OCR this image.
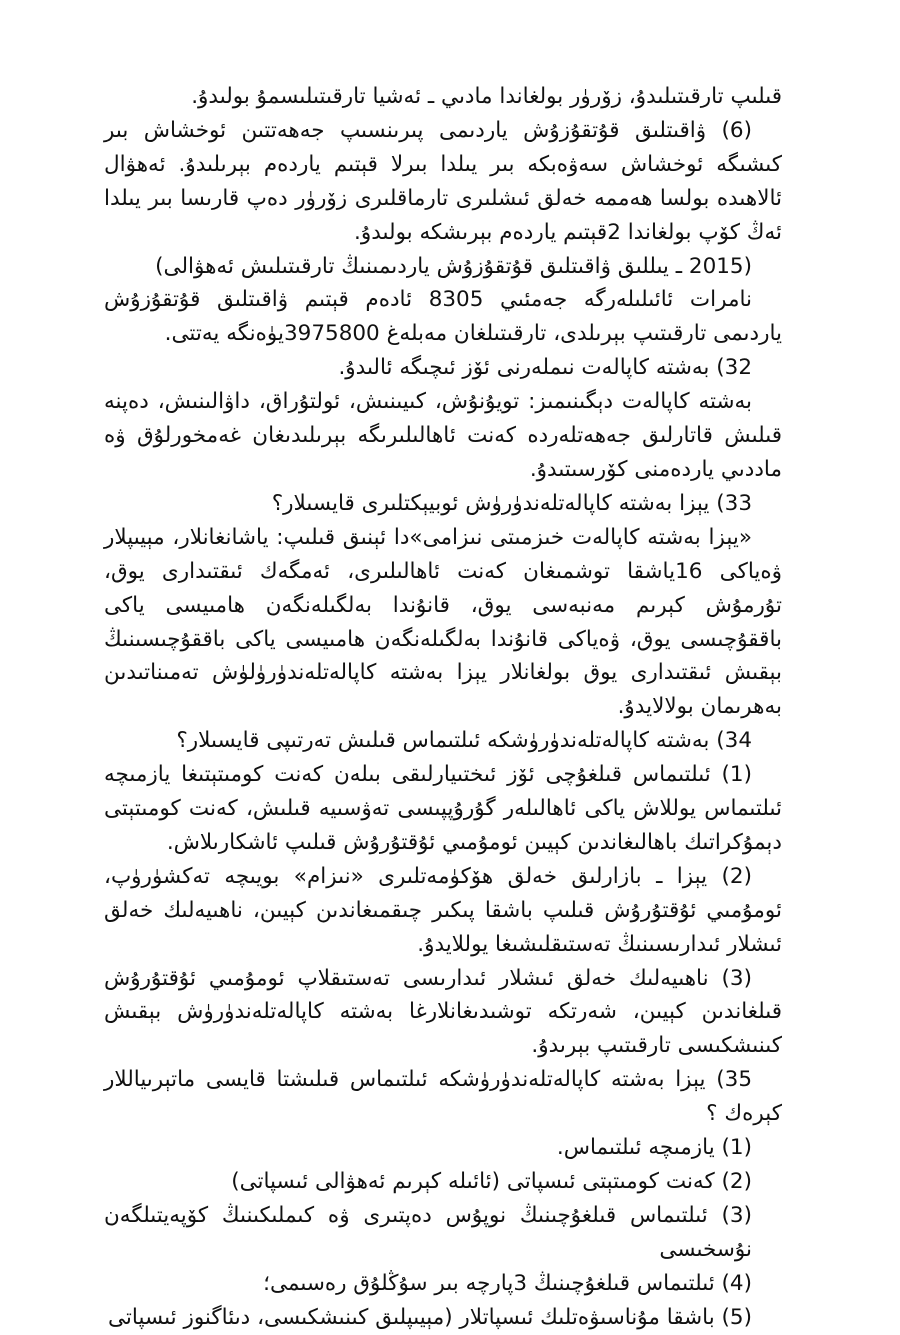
قىلىپ تارقىتىلىدۇ، زۆرۈر بولغاندا مادىي ـ ئەشيا تارقىتىلىسمۇ بولىدۇ.

(6) ۋاقىتلىق قۇتقۇزۇش ياردىمى پىرىنسىپ جەھەتتىن ئوخشاش بىر كىشىگە ئوخشاش سەۋەبكە بىر يىلدا بىرلا قېتىم ياردەم بېرىلىدۇ. ئەھۋال ئالاھىدە بولسا ھەممە خەلق ئىشلىرى تارماقلىرى زۆرۈر دەپ قارىسا بىر يىلدا ئەڭ كۆپ بولغاندا 2قېتىم ياردەم بېرىشكە بولىدۇ.

(2015 ـ يىللىق ۋاقىتلىق قۇتقۇزۇش ياردىمىنىڭ تارقىتىلىش ئەھۋالى)

نامرات ئائىلىلەرگە جەمئىي 8305 ئادەم قېتىم ۋاقىتلىق قۇتقۇزۇش ياردىمى تارقىتىپ بېرىلدى، تارقىتىلغان مەبلەغ 3975800يۈەنگە يەتتى.

32) بەشتە كاپالەت نىملەرنى ئۆز ئىچىگە ئالىدۇ.

بەشتە كاپالەت دېگىنىمىز: تويۇنۇش، كىيىنىش، ئولتۇراق، داۋالىنىش، دەپنە قىلىش قاتارلىق جەھەتلەردە كەنت ئاھالىلىرىگە بېرىلىدىغان غەمخورلۇق ۋە ماددىي ياردەمنى كۆرسىتىدۇ.

33) يېزا بەشتە كاپالەتلەندۈرۈش ئوبيېكتلىرى قايسىلار؟

«يېزا بەشتە كاپالەت خىزمىتى نىزامى»دا ئېنىق قىلىپ: ياشانغانلار، مېيىپلار ۋەياكى 16ياشقا توشمىغان كەنت ئاھالىلىرى، ئەمگەك ئىقتىدارى يوق، تۇرمۇش كېرىم مەنبەسى يوق، قانۇندا بەلگىلەنگەن ھامىيسى ياكى باققۇچىسى يوق، ۋەياكى قانۇندا بەلگىلەنگەن ھامىيسى ياكى باققۇچىسىنىڭ بېقىش ئىقتىدارى يوق بولغانلار يېزا بەشتە كاپالەتلەندۈرۈلۈش تەمىناتىدىن بەھرىمان بولالايدۇ.

34) بەشتە كاپالەتلەندۈرۈشكە ئىلتىماس قىلىش تەرتىپى قايسىلار؟

(1) ئىلتىماس قىلغۇچى ئۆز ئىختىيارلىقى بىلەن كەنت كومىتېتىغا يازمىچە ئىلتىماس يوللاش ياكى ئاھالىلەر گۇرۇپپىسى تەۋسىيە قىلىش، كەنت كومىتېتى دېمۇكراتىك باھالىغاندىن كېيىن ئومۇمىي ئۇقتۇرۇش قىلىپ ئاشكارىلاش.

(2) يېزا ـ بازارلىق خەلق ھۆكۈمەتلىرى «نىزام» بويىچە تەكشۈرۈپ، ئومۇمىي ئۇقتۇرۇش قىلىپ باشقا پىكىر چىقمىغاندىن كېيىن، ناھىيەلىك خەلق ئىشلار ئىدارىسىنىڭ تەستىقلىشىغا يوللايدۇ.

(3) ناھىيەلىك خەلق ئىشلار ئىدارىسى تەستىقلاپ ئومۇمىي ئۇقتۇرۇش قىلغاندىن كېيىن، شەرتكە توشىدىغانلارغا بەشتە كاپالەتلەندۈرۈش بېقىش كىنىشكىسى تارقىتىپ بېرىدۇ.

35) يېزا بەشتە كاپالەتلەندۈرۈشكە ئىلتىماس قىلىشتا قايسى ماتېرىياللار كېرەك ؟

(1) يازمىچە ئىلتىماس.

(2) كەنت كومىتېتى ئىسپاتى (ئائىلە كېرىم ئەھۋالى ئىسپاتى)

(3) ئىلتىماس قىلغۇچىنىڭ نوپۇس دەپتىرى ۋە كىملىكىنىڭ كۆپەيتىلگەن نۇسخىسى

(4) ئىلتىماس قىلغۇچىنىڭ 3پارچە بىر سۇڭلۇق رەسىمى؛

(5) باشقا مۇناسىۋەتلىك ئىسپاتلار (مېيىپلىق كىنىشكىسى، دىئاگنوز ئىسپاتى
